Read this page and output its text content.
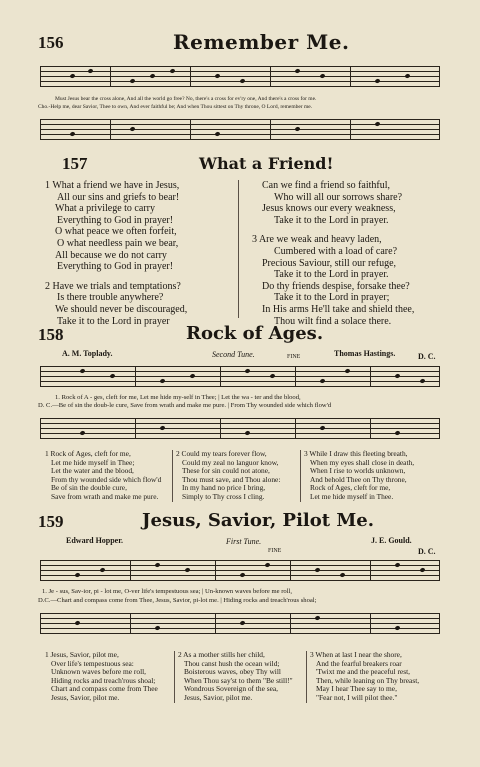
156	Remember Me.
Must Jesus bear the cross alone, And all the world go free? No, there's a cross for ev'ry one, And there's a cross for me.
Cho.-Help me, dear Savior, Thee to own, And ever faithful be; And when Thou sittest on Thy throne, O Lord, remember me.
157	What a Friend!
1 What a friend we have in Jesus,
All our sins and griefs to bear!
What a privilege to carry
Everything to God in prayer!
O what peace we often forfeit,
O what needless pain we bear,
All because we do not carry
Everything to God in prayer!
2 Have we trials and temptations?
Is there trouble anywhere?
We should never be discouraged,
Take it to the Lord in prayer
Can we find a friend so faithful,
Who will all our sorrows share?
Jesus knows our every weakness,
Take it to the Lord in prayer.
3 Are we weak and heavy laden,
Cumbered with a load of care?
Precious Saviour, still our refuge,
Take it to the Lord in prayer.
Do thy friends despise, forsake thee?
Take it to the Lord in prayer;
In His arms He'll take and shield thee,
Thou wilt find a solace there.
158	Rock of Ages.
A. M. Toplady.	Second Tune.	FINE	Thomas Hastings.	D. C.
1. Rock of A - ges, cleft for me, Let me hide my-self in Thee; | Let the wa - ter and the blood,
D. C.—Be of sin the doub-le cure, Save from wrath and make me pure. | From Thy wounded side which flow'd
1 Rock of Ages, cleft for me,
Let me hide myself in Thee;
Let the water and the blood,
From thy wounded side which flow'd
Be of sin the double cure,
Save from wrath and make me pure.
2 Could my tears forever flow,
Could my zeal no languor know,
These for sin could not atone,
Thou must save, and Thou alone:
In my hand no price I bring,
Simply to Thy cross I cling.
3 While I draw this fleeting breath,
When my eyes shall close in death,
When I rise to worlds unknown,
And behold Thee on Thy throne,
Rock of Ages, cleft for me,
Let me hide myself in Thee.
159	Jesus, Savior, Pilot Me.
Edward Hopper.	First Tune.
FINE
J. E. Gould.
D. C.
1. Je - sus, Sav-ior, pi - lot me, O-ver life's tempestuous sea; | Un-known waves before me roll,
D.C.—Chart and compass come from Thee, Jesus, Savior, pi-lot me. | Hiding rocks and treach'rous shoal;
1 Jesus, Savior, pilot me,
Over life's tempestuous sea:
Unknown waves before me roll,
Hiding rocks and treach'rous shoal;
Chart and compass come from Thee
Jesus, Savior, pilot me.
2 As a mother stills her child,
Thou canst hush the ocean wild;
Boisterous waves, obey Thy will
When Thou say'st to them "Be still!"
Wondrous Sovereign of the sea,
Jesus, Savior, pilot me.
3 When at last I near the shore,
And the fearful breakers roar
'Twixt me and the peaceful rest,
Then, while leaning on Thy breast,
May I hear Thee say to me,
"Fear not, I will pilot thee."
